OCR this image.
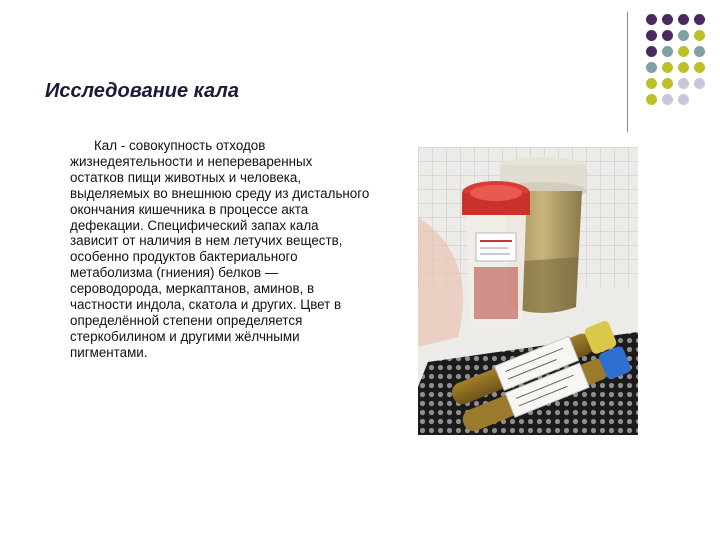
Исследование кала
Кал - совокупность отходов жизнедеятельности и непереваренных остатков пищи животных и человека, выделяемых во внешнюю среду из дистального окончания кишечника в процессе акта дефекации. Специфический запах кала зависит от наличия в нем летучих веществ, особенно продуктов бактериального метаболизма (гниения) белков — сероводорода, меркаптанов, аминов, в частности индола, скатола и других. Цвет в определённой степени определяется стеркобилином и другими жёлчными пигментами.
